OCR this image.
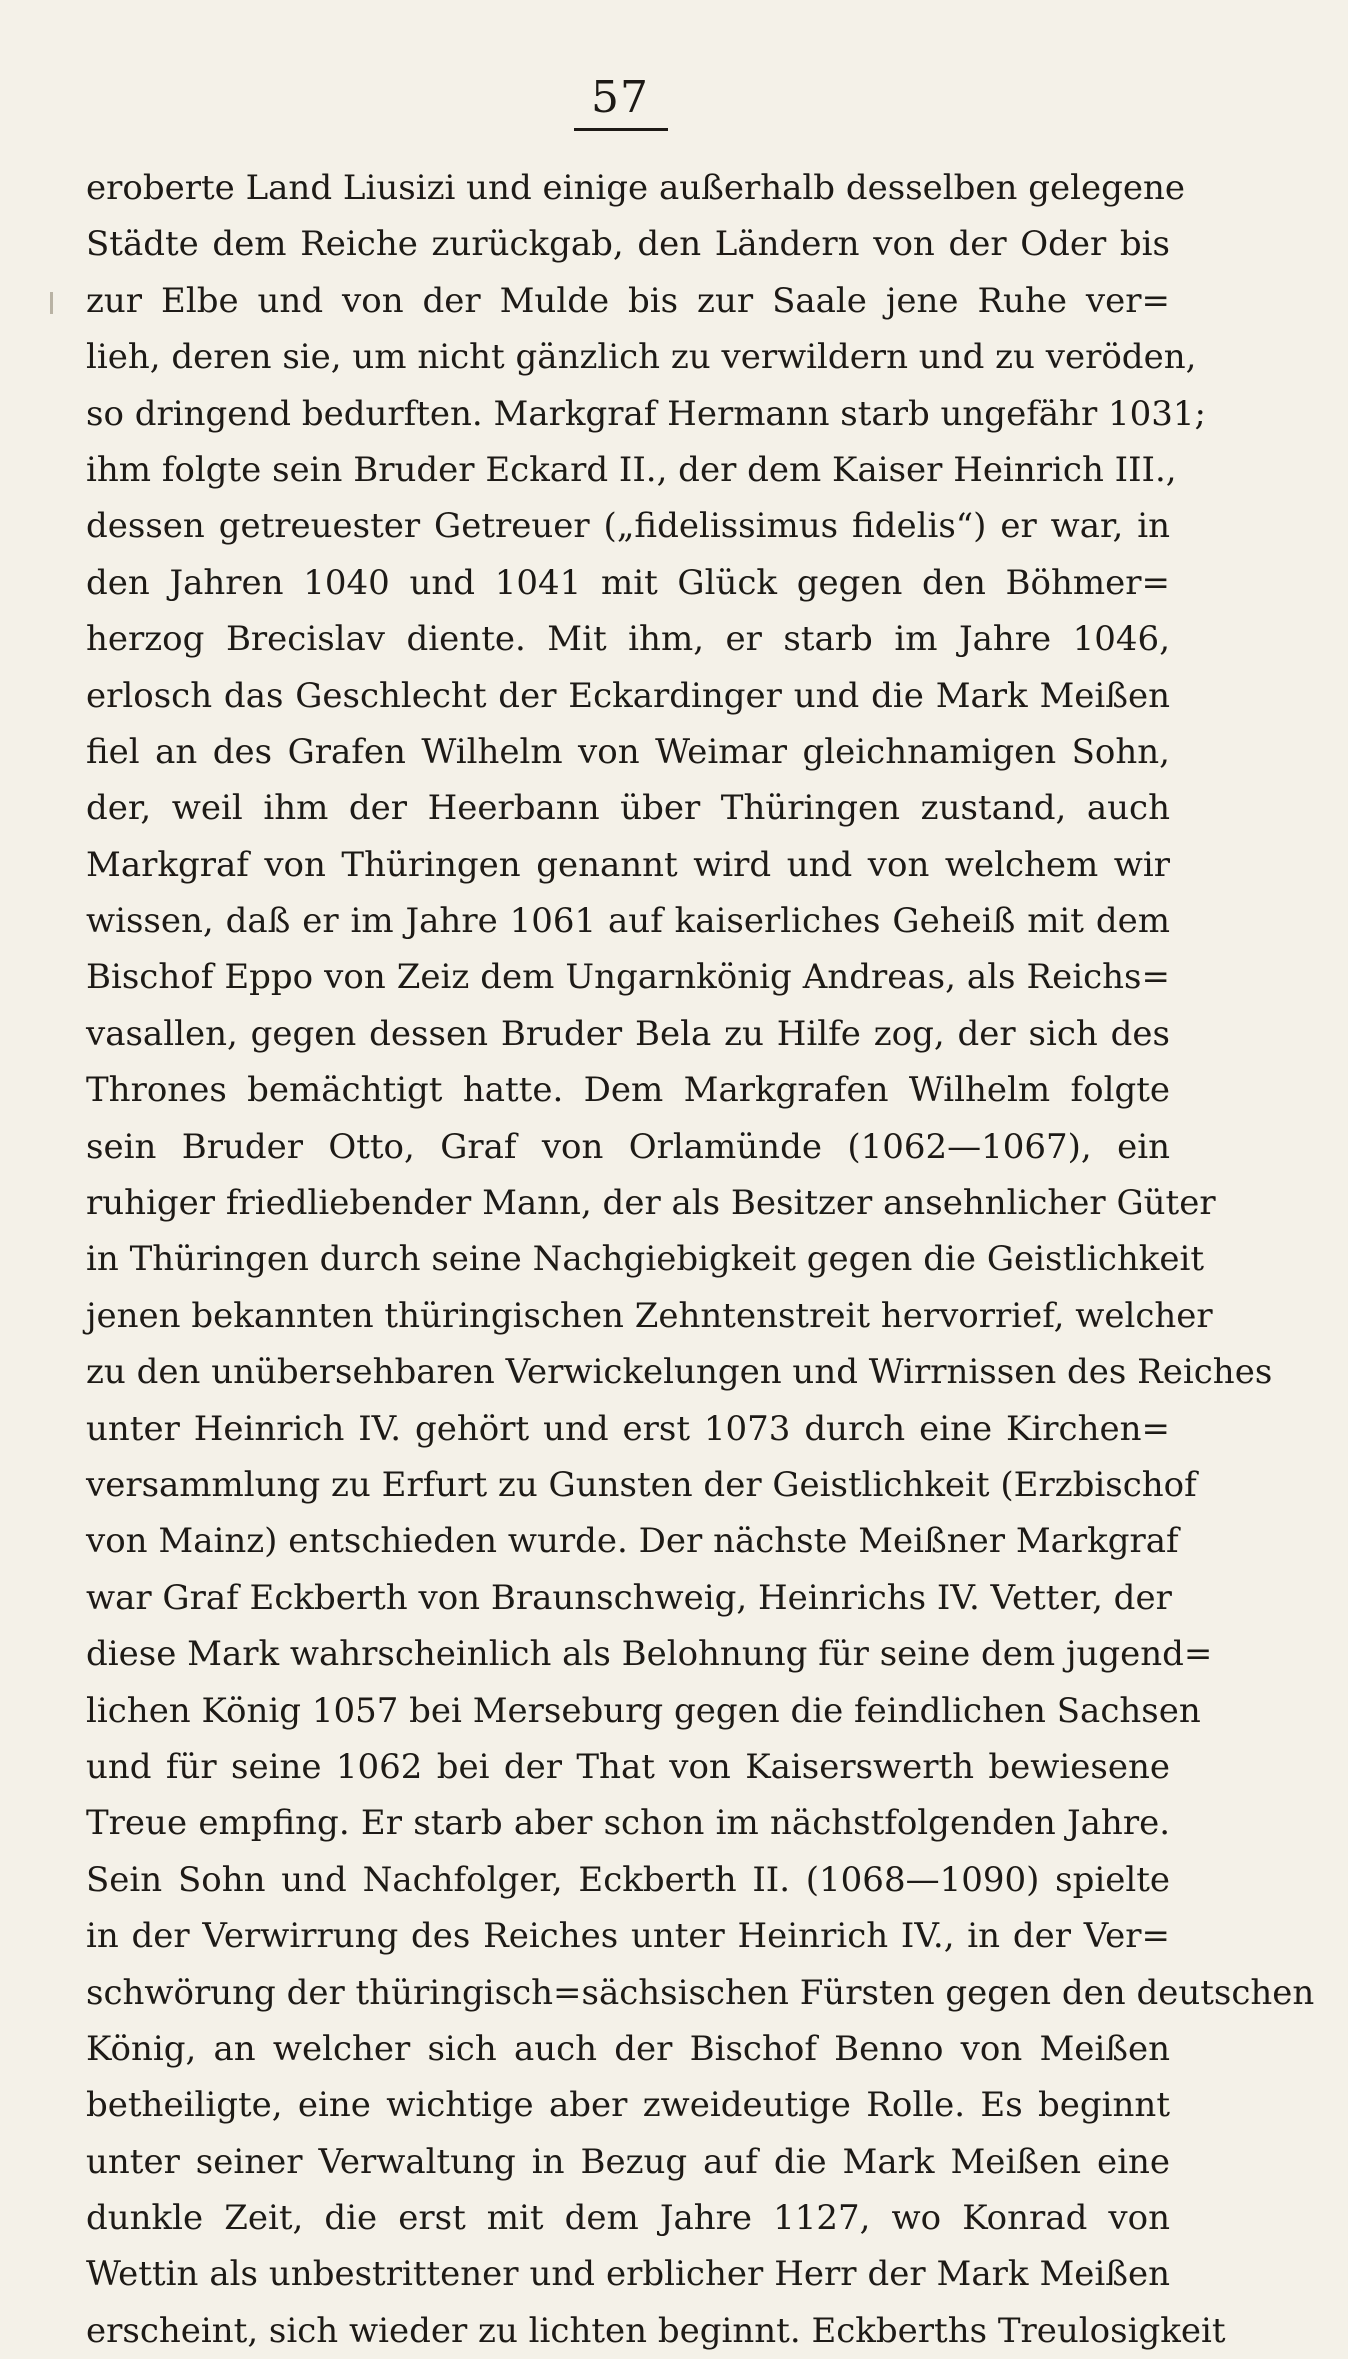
57
eroberte Land Liusizi und einige außerhalb desselben gelegene
Städte dem Reiche zurückgab, den Ländern von der Oder bis
zur Elbe und von der Mulde bis zur Saale jene Ruhe ver=
lieh, deren sie, um nicht gänzlich zu verwildern und zu veröden,
so dringend bedurften. Markgraf Hermann starb ungefähr 1031;
ihm folgte sein Bruder Eckard II., der dem Kaiser Heinrich III.,
dessen getreuester Getreuer („fidelissimus fidelis“) er war, in
den Jahren 1040 und 1041 mit Glück gegen den Böhmer=
herzog Brecislav diente. Mit ihm, er starb im Jahre 1046,
erlosch das Geschlecht der Eckardinger und die Mark Meißen
fiel an des Grafen Wilhelm von Weimar gleichnamigen Sohn,
der, weil ihm der Heerbann über Thüringen zustand, auch
Markgraf von Thüringen genannt wird und von welchem wir
wissen, daß er im Jahre 1061 auf kaiserliches Geheiß mit dem
Bischof Eppo von Zeiz dem Ungarnkönig Andreas, als Reichs=
vasallen, gegen dessen Bruder Bela zu Hilfe zog, der sich des
Thrones bemächtigt hatte. Dem Markgrafen Wilhelm folgte
sein Bruder Otto, Graf von Orlamünde (1062—1067), ein
ruhiger friedliebender Mann, der als Besitzer ansehnlicher Güter
in Thüringen durch seine Nachgiebigkeit gegen die Geistlichkeit
jenen bekannten thüringischen Zehntenstreit hervorrief, welcher
zu den unübersehbaren Verwickelungen und Wirrnissen des Reiches
unter Heinrich IV. gehört und erst 1073 durch eine Kirchen=
versammlung zu Erfurt zu Gunsten der Geistlichkeit (Erzbischof
von Mainz) entschieden wurde. Der nächste Meißner Markgraf
war Graf Eckberth von Braunschweig, Heinrichs IV. Vetter, der
diese Mark wahrscheinlich als Belohnung für seine dem jugend=
lichen König 1057 bei Merseburg gegen die feindlichen Sachsen
und für seine 1062 bei der That von Kaiserswerth bewiesene
Treue empfing. Er starb aber schon im nächstfolgenden Jahre.
Sein Sohn und Nachfolger, Eckberth II. (1068—1090) spielte
in der Verwirrung des Reiches unter Heinrich IV., in der Ver=
schwörung der thüringisch=sächsischen Fürsten gegen den deutschen
König, an welcher sich auch der Bischof Benno von Meißen
betheiligte, eine wichtige aber zweideutige Rolle. Es beginnt
unter seiner Verwaltung in Bezug auf die Mark Meißen eine
dunkle Zeit, die erst mit dem Jahre 1127, wo Konrad von
Wettin als unbestrittener und erblicher Herr der Mark Meißen
erscheint, sich wieder zu lichten beginnt. Eckberths Treulosigkeit
